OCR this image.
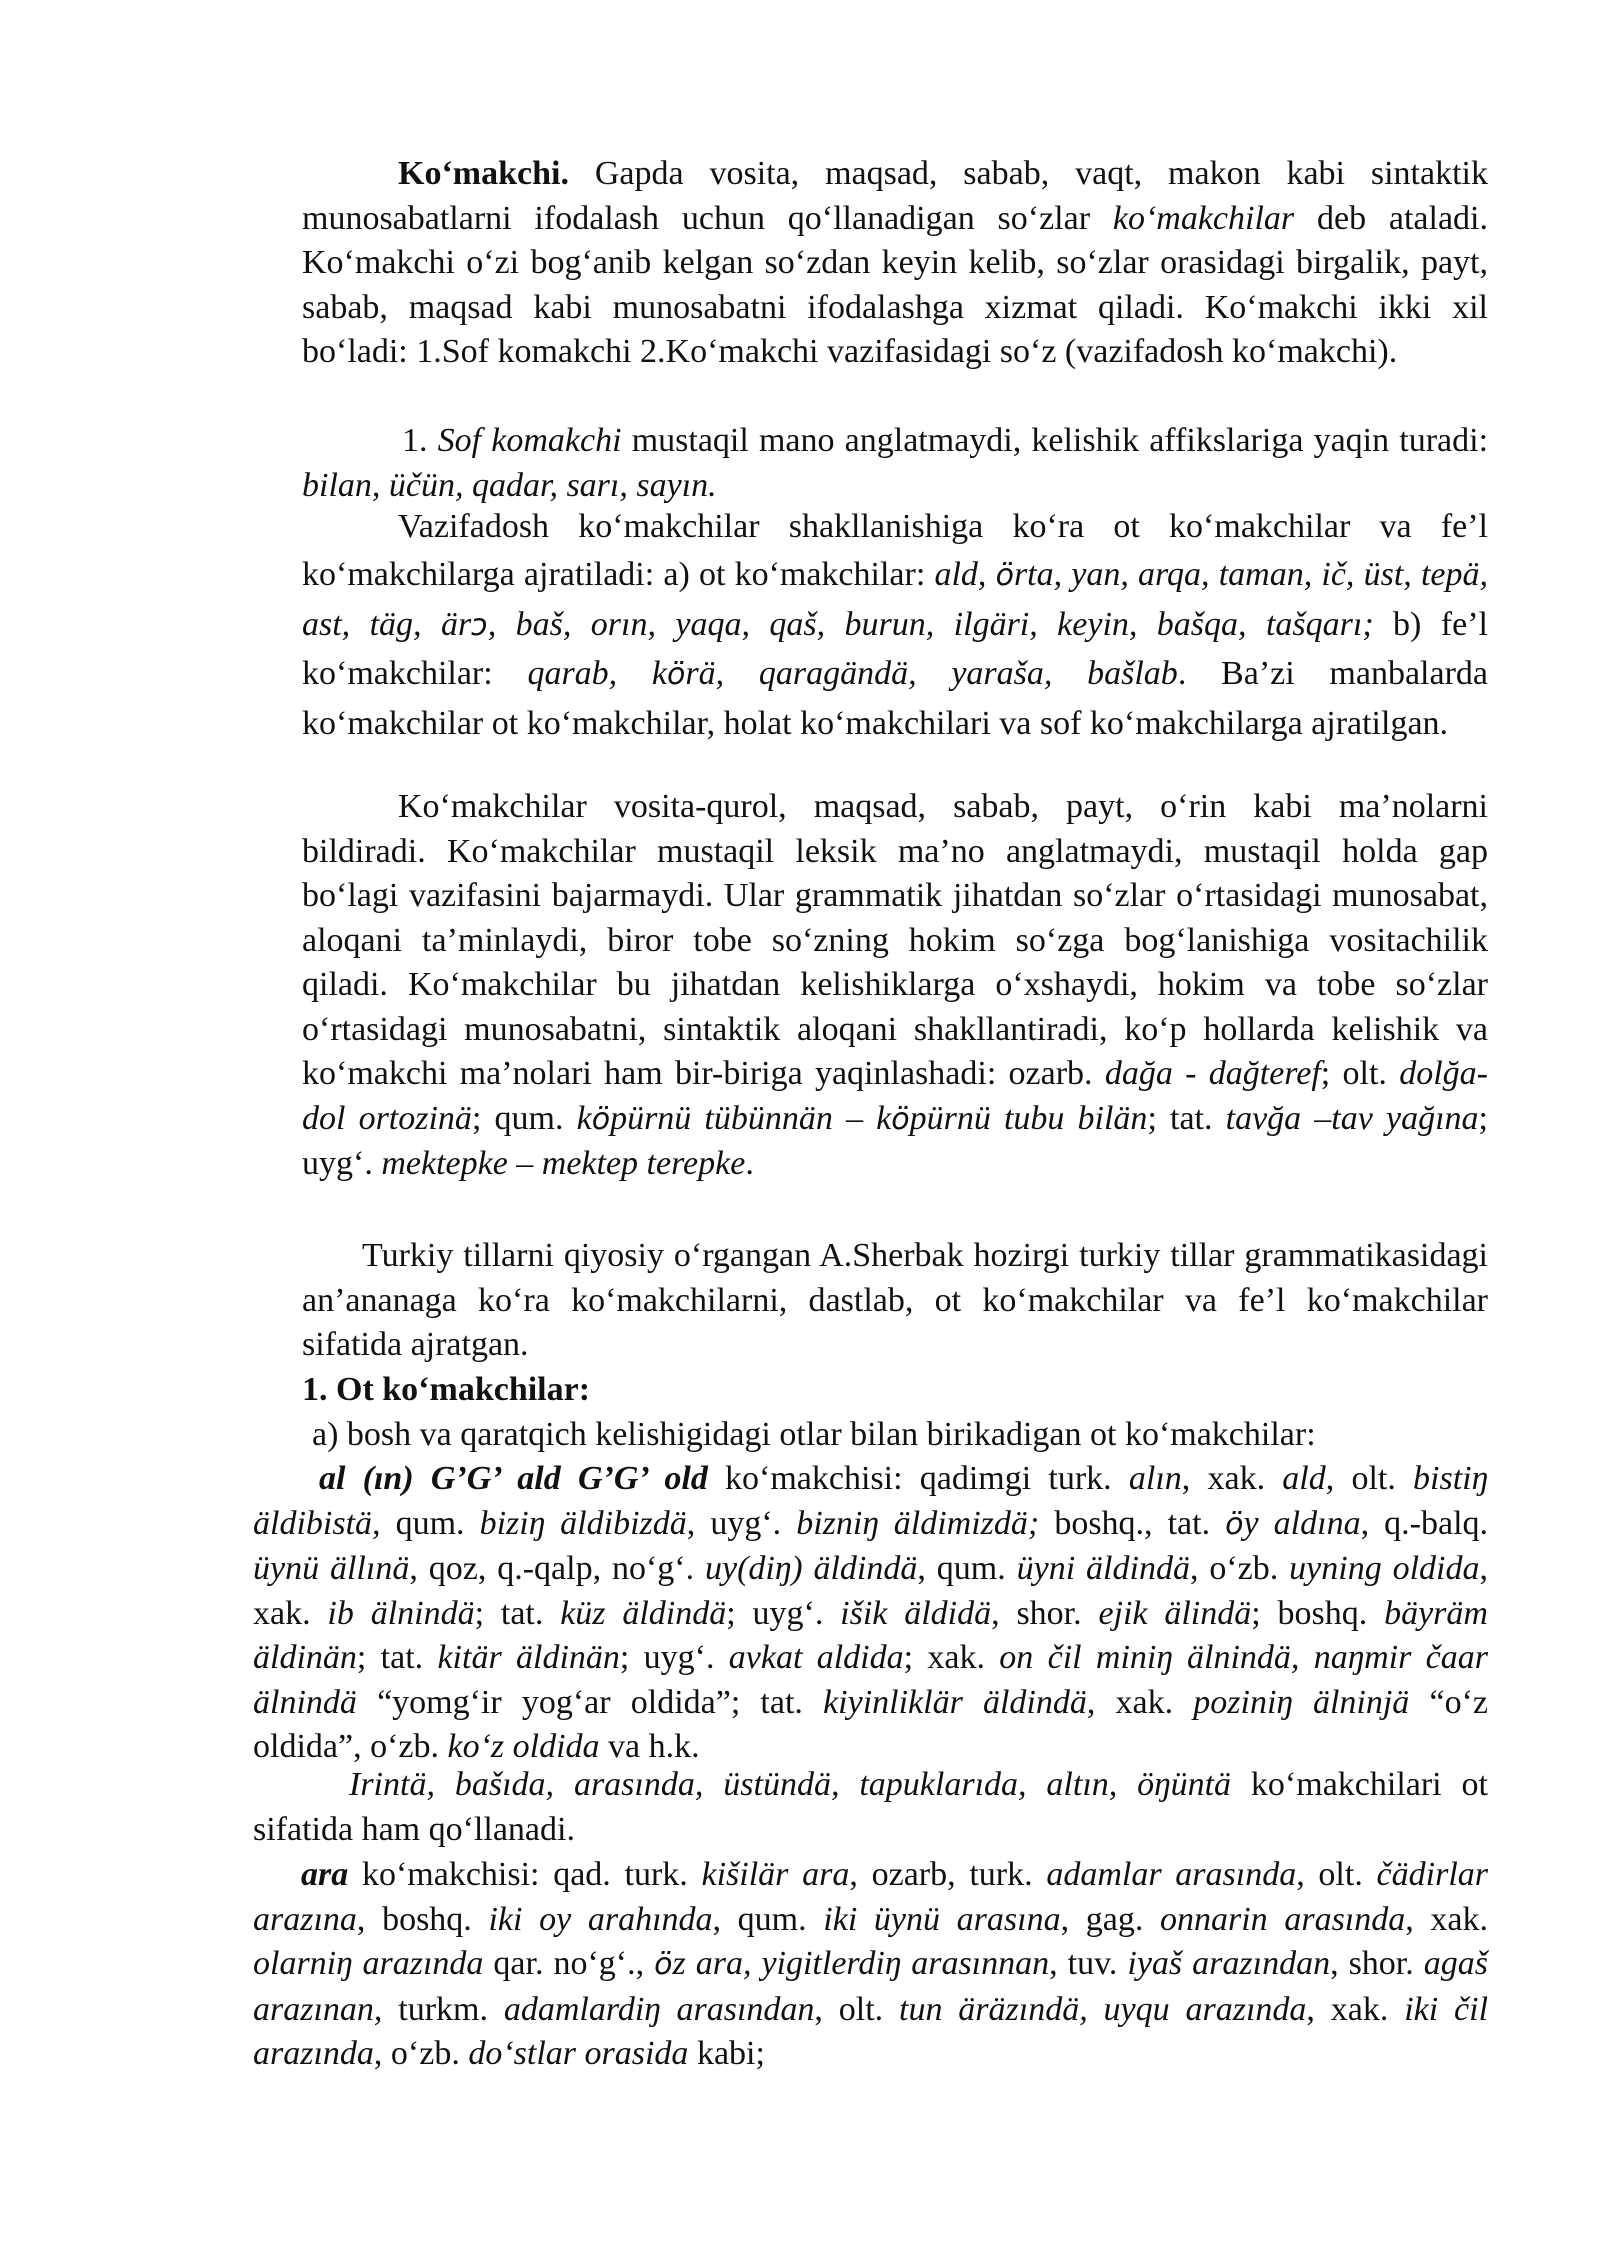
Ko‘makchi. Gapda vosita, maqsad, sabab, vaqt, makon kabi sintaktik munosabatlarni ifodalash uchun qo‘llanadigan so‘zlar ko‘makchilar deb ataladi. Ko‘makchi o‘zi bog‘anib kelgan so‘zdan keyin kelib, so‘zlar orasidagi birgalik, payt, sabab, maqsad kabi munosabatni ifodalashga xizmat qiladi. Ko‘makchi ikki xil bo‘ladi: 1.Sof komakchi 2.Ko‘makchi vazifasidagi so‘z (vazifadosh ko‘makchi).

1. Sof komakchi mustaqil mano anglatmaydi, kelishik affikslariga yaqin turadi: bilan, üčün, qadar, sarı, sayın.

Vazifadosh ko‘makchilar shakllanishiga ko‘ra ot ko‘makchilar va fe’l ko‘makchilarga ajratiladi: a) ot ko‘makchilar: ald, örta, yan, arqa, taman, ič, üst, tepä, ast, täg, ärɔ, baš, orın, yaqa, qaš, burun, ilgäri, keyin, bašqa, tašqarı; b) fe’l ko‘makchilar: qarab, körä, qaragändä, yaraša, bašlab. Ba’zi manbalarda ko‘makchilar ot ko‘makchilar, holat ko‘makchilari va sof ko‘makchilarga ajratilgan.

Ko‘makchilar vosita-qurol, maqsad, sabab, payt, o‘rin kabi ma’nolarni bildiradi. Ko‘makchilar mustaqil leksik ma’no anglatmaydi, mustaqil holda gap bo‘lagi vazifasini bajarmaydi. Ular grammatik jihatdan so‘zlar o‘rtasidagi munosabat, aloqani ta’minlaydi, biror tobe so‘zning hokim so‘zga bog‘lanishiga vositachilik qiladi. Ko‘makchilar bu jihatdan kelishiklarga o‘xshaydi, hokim va tobe so‘zlar o‘rtasidagi munosabatni, sintaktik aloqani shakllantiradi, ko‘p hollarda kelishik va ko‘makchi ma’nolari ham bir-biriga yaqinlashadi: ozarb. dağa - dağteref; olt. dolğa-dol ortozinä; qum. köpürnü tübünnän – köpürnü tubu bilän; tat. tavğa –tav yağına; uyg‘. mektepke – mektep terepke.

Turkiy tillarni qiyosiy o‘rgangan A.Sherbak hozirgi turkiy tillar grammatikasidagi an’ananaga ko‘ra ko‘makchilarni, dastlab, ot ko‘makchilar va fe’l ko‘makchilar sifatida ajratgan.

1. Ot ko‘makchilar:

a) bosh va qaratqich kelishigidagi otlar bilan birikadigan ot ko‘makchilar:

al (ın) G’G’ ald G’G’ old ko‘makchisi: qadimgi turk. alın, xak. ald, olt. bistiŋ äldibistä, qum. biziŋ äldibizdä, uyg‘. bizniŋ äldimizdä; boshq., tat. öy aldına, q.-balq. üynü ällınä, qoz, q.-qalp, no‘g‘. uy(diŋ) äldindä, qum. üyni äldindä, o‘zb. uyning oldida, xak. ib älnindä; tat. küz äldindä; uyg‘. išik äldidä, shor. ejik älindä; boshq. bäyräm äldinän; tat. kitär äldinän; uyg‘. avkat aldida; xak. on čil miniŋ älnindä, naŋmir čaar älnindä “yomg‘ir yog‘ar oldida”; tat. kiyinliklär äldindä, xak. poziniŋ älninjä “o‘z oldida”, o‘zb. ko‘z oldida va h.k.

Irintä, bašıda, arasında, üstündä, tapuklarıda, altın, öŋüntä ko‘makchilari ot sifatida ham qo‘llanadi.

ara ko‘makchisi: qad. turk. kišilär ara, ozarb, turk. adamlar arasında, olt. čädirlar arazına, boshq. iki oy arahında, qum. iki üynü arasına, gag. onnarin arasında, xak. olarniŋ arazında qar. no‘g‘., öz ara, yigitlerdiŋ arasınnan, tuv. iyaš arazından, shor. agaš arazınan, turkm. adamlardiŋ arasından, olt. tun äräzındä, uyqu arazında, xak. iki čil arazında, o‘zb. do‘stlar orasida kabi;
